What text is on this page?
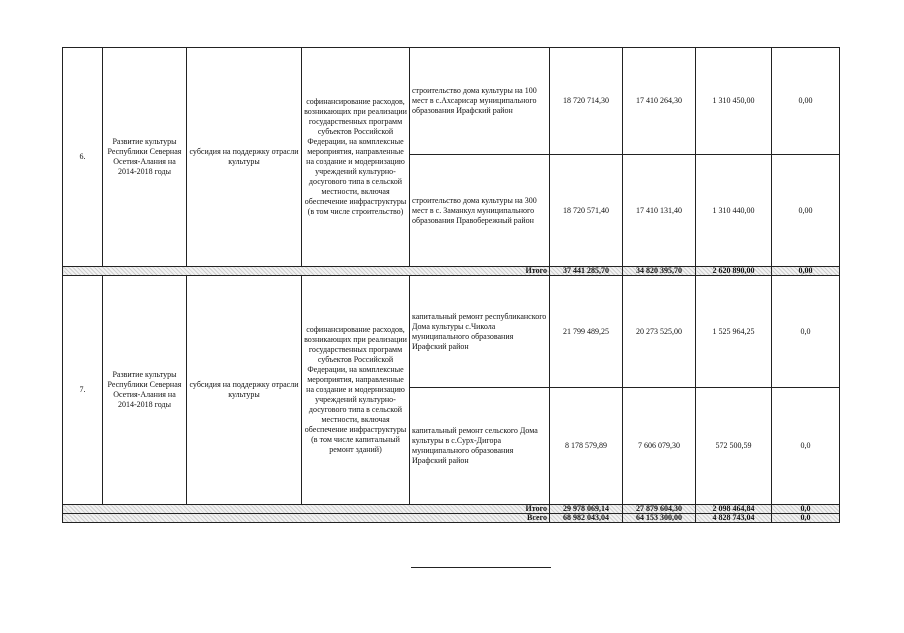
6.	Развитие культуры Республики Северная Осетия-Алания на 2014-2018 годы	субсидия на поддержку отрасли культуры	софинансирование расходов, возникающих при реализации государственных программ субъектов Российской Федерации, на комплексные мероприятия, направленные на создание и модернизацию учреждений культурно-досугового типа в сельской местности, включая обеспечение инфраструктуры (в том числе строительство)	строительство дома культуры на 100 мест в с.Ахсарисар муниципального образования Ирафский район	18 720 714,30	17 410 264,30	1 310 450,00	0,00
				строительство дома культуры на 300 мест в с. Заманкул муниципального образования Правобережный район	18 720 571,40	17 410 131,40	1 310 440,00	0,00
Итого					37 441 285,70	34 820 395,70	2 620 890,00	0,00
7.	Развитие культуры Республики Северная Осетия-Алания на 2014-2018 годы	субсидия на поддержку отрасли культуры	софинансирование расходов, возникающих при реализации государственных программ субъектов Российской Федерации, на комплексные мероприятия, направленные на создание и модернизацию учреждений культурно-досугового типа в сельской местности, включая обеспечение инфраструктуры (в том числе капитальный ремонт зданий)	капитальный ремонт республиканского Дома культуры с.Чикола муниципального образования Ирафский район	21 799 489,25	20 273 525,00	1 525 964,25	0,0
				капитальный ремонт сельского Дома культуры в с.Сурх-Дигора муниципального образования Ирафский район	8 178 579,89	7 606 079,30	572 500,59	0,0
Итого					29 978 069,14	27 879 604,30	2 098 464,84	0,0
Всего					68 982 043,04	64 153 300,00	4 828 743,04	0,0
